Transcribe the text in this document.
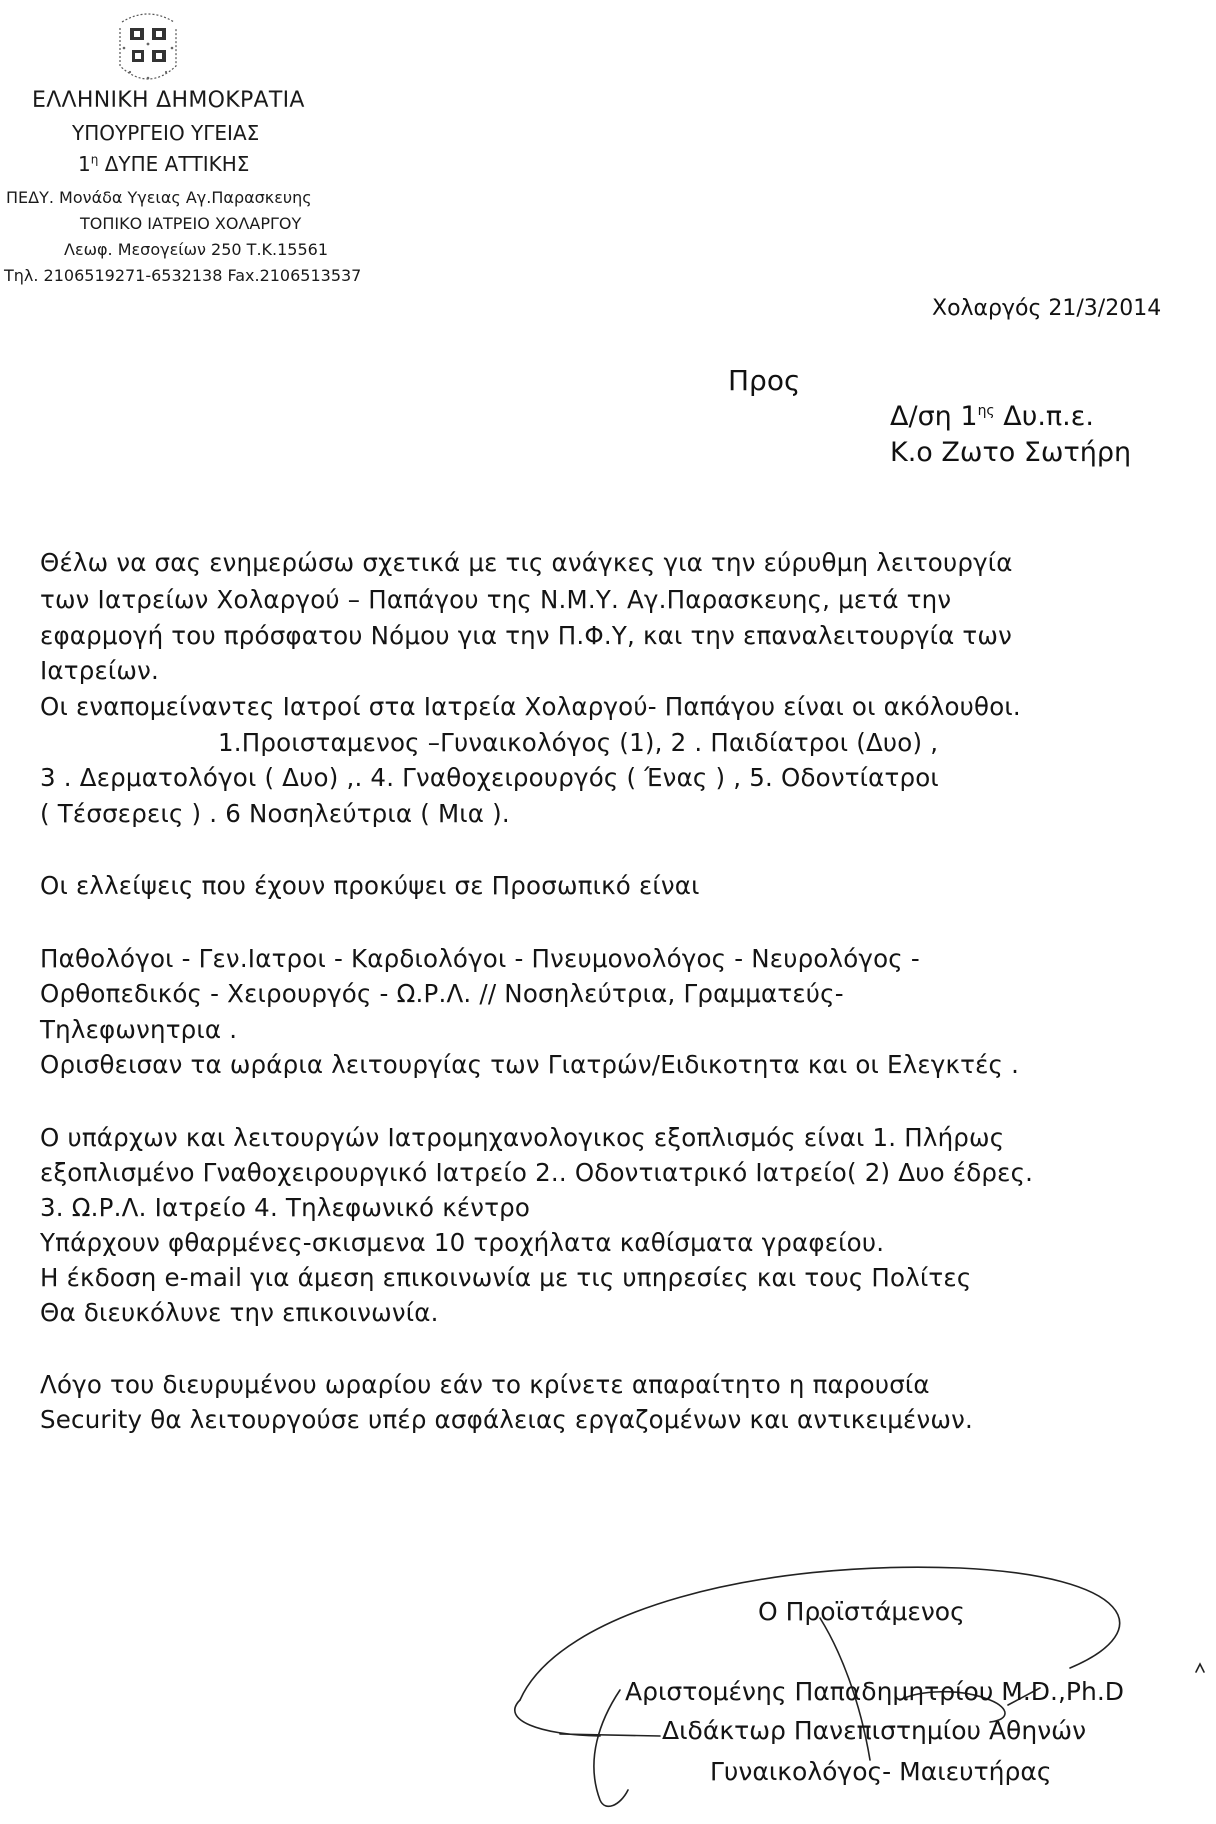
ΕΛΛΗΝΙΚΗ ΔΗΜΟΚΡΑΤΙΑ
ΥΠΟΥΡΓΕΙΟ ΥΓΕΙΑΣ
$1^\eta$ ΔΥΠΕ ΑΤΤΙΚΗΣ
ΠΕΔΥ. Μονάδα Υγειας Αγ.Παρασκευης
ΤΟΠΙΚΟ ΙΑΤΡΕΙΟ ΧΟΛΑΡΓΟΥ
Λεωφ. Μεσογείων 250 Τ.Κ.15561
Τηλ. 2106519271-6532138 Fax.2106513537
Χολαργός 21/3/2014
Προς
Δ/ση $1^{\eta\varsigma}$ Δυ.π.ε.
Κ.ο Ζωτο Σωτήρη
Θέλω να σας ενημερώσω σχετικά με τις ανάγκες για την εύρυθμη λειτουργία
των Ιατρείων Χολαργού – Παπάγου της Ν.Μ.Υ. Αγ.Παρασκευης, μετά την
εφαρμογή του πρόσφατου Νόμου για την Π.Φ.Υ, και την επαναλειτουργία των
Ιατρείων.
Οι εναπομείναντες Ιατροί στα Ιατρεία Χολαργού- Παπάγου είναι οι ακόλουθοι.
1.Προισταμενος –Γυναικολόγος (1), 2 . Παιδίατροι (Δυο) ,
3 . Δερματολόγοι ( Δυο) ,. 4. Γναθοχειρουργός ( Ένας ) , 5. Οδοντίατροι
( Τέσσερεις ) . 6 Νοσηλεύτρια ( Μια ).
Οι ελλείψεις που έχουν προκύψει σε Προσωπικό είναι
Παθολόγοι - Γεν.Ιατροι - Καρδιολόγοι - Πνευμονολόγος - Νευρολόγος -
Ορθοπεδικός - Χειρουργός - Ω.Ρ.Λ. // Νοσηλεύτρια, Γραμματεύς-
Τηλεφωνητρια .
Ορισθεισαν τα ωράρια λειτουργίας των Γιατρών/Ειδικοτητα και οι Ελεγκτές .
Ο υπάρχων και λειτουργών Ιατρομηχανολογικος εξοπλισμός είναι 1. Πλήρως
εξοπλισμένο Γναθοχειρουργικό Ιατρείο 2.. Οδοντιατρικό Ιατρείο( 2) Δυο έδρες.
3. Ω.Ρ.Λ. Ιατρείο 4. Τηλεφωνικό κέντρο
Υπάρχουν φθαρμένες-σκισμενα 10 τροχήλατα καθίσματα γραφείου.
Η έκδοση e-mail για άμεση επικοινωνία με τις υπηρεσίες και τους Πολίτες
Θα διευκόλυνε την επικοινωνία.
Λόγο του διευρυμένου ωραρίου εάν το κρίνετε απαραίτητο η παρουσία
Security θα λειτουργούσε υπέρ ασφάλειας εργαζομένων και αντικειμένων.
Ο Προϊστάμενος
Αριστομένης Παπαδημητρίου M.D.,Ph.D
Διδάκτωρ Πανεπιστημίου Αθηνών
Γυναικολόγος- Μαιευτήρας
